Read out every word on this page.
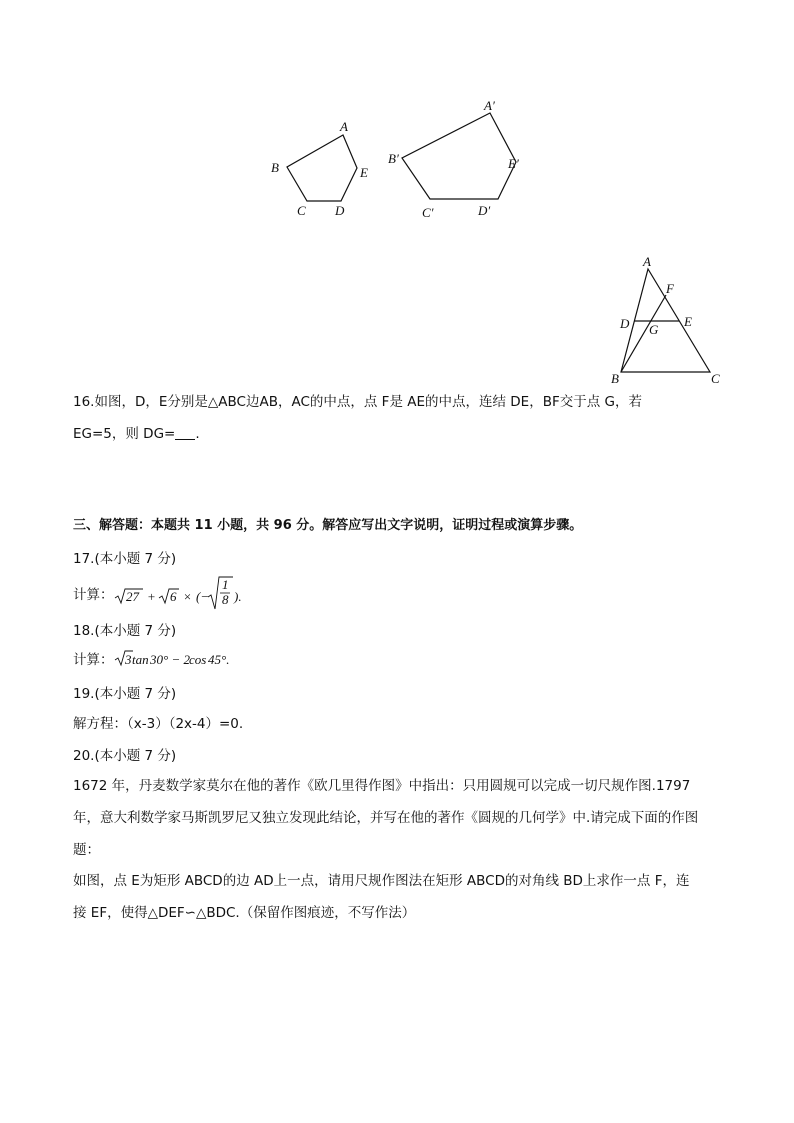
A
B
C D
E
A′
B′
C′	D′
E′
A
F
D G
E
B	C
16.如图，D，E分别是△ABC边AB，AC的中点，点 F是 AE的中点，连结 DE，BF交于点 G，若
EG=5，则 DG= .
三、解答题：本题共 11 小题，共 96 分。解答应写出文字说明，证明过程或演算步骤。
17.(本小题 7 分)
计算： 27 + 6 × (−
1
8 ).
18.(本小题 7 分)
计算： 3 tan 30° − 2 cos 45°.
19.(本小题 7 分)
解方程：（x-3）（2x-4）=0.
20.(本小题 7 分)
1672 年，丹麦数学家莫尔在他的著作《欧几里得作图》中指出：只用圆规可以完成一切尺规作图.1797
年，意大利数学家马斯凯罗尼又独立发现此结论，并写在他的著作《圆规的几何学》中.请完成下面的作图
题：
如图，点 E为矩形 ABCD的边 AD上一点，请用尺规作图法在矩形 ABCD的对角线 BD上求作一点 F，连
接 EF，使得△DEF∽△BDC.（保留作图痕迹，不写作法）
